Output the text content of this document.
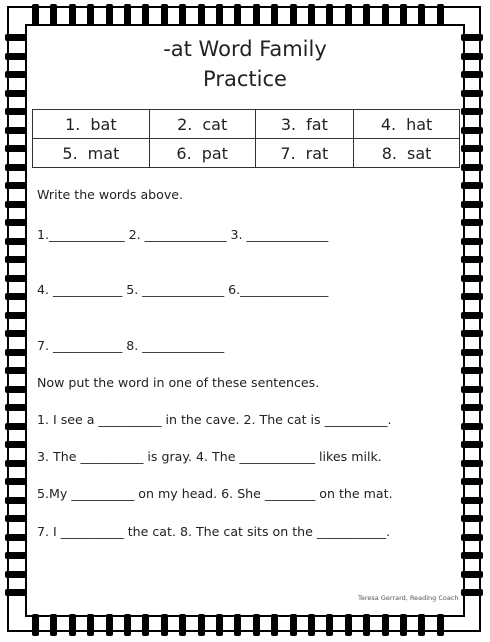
-at Word Family
Practice
1. bat	2. cat	3. fat	4. hat
5. mat	6. pat	7. rat	8. sat
Write the words above.
1.____________ 2. _____________ 3. _____________
4. ___________ 5. _____________ 6.______________
7. ___________ 8. _____________
Now put the word in one of these sentences.
1. I see a __________ in the cave. 2. The cat is __________.
3. The __________ is gray. 4. The ____________ likes milk.
5.My __________ on my head. 6. She ________ on the mat.
7. I __________ the cat. 8. The cat sits on the ___________.
Teresa Gerrard, Reading Coach
